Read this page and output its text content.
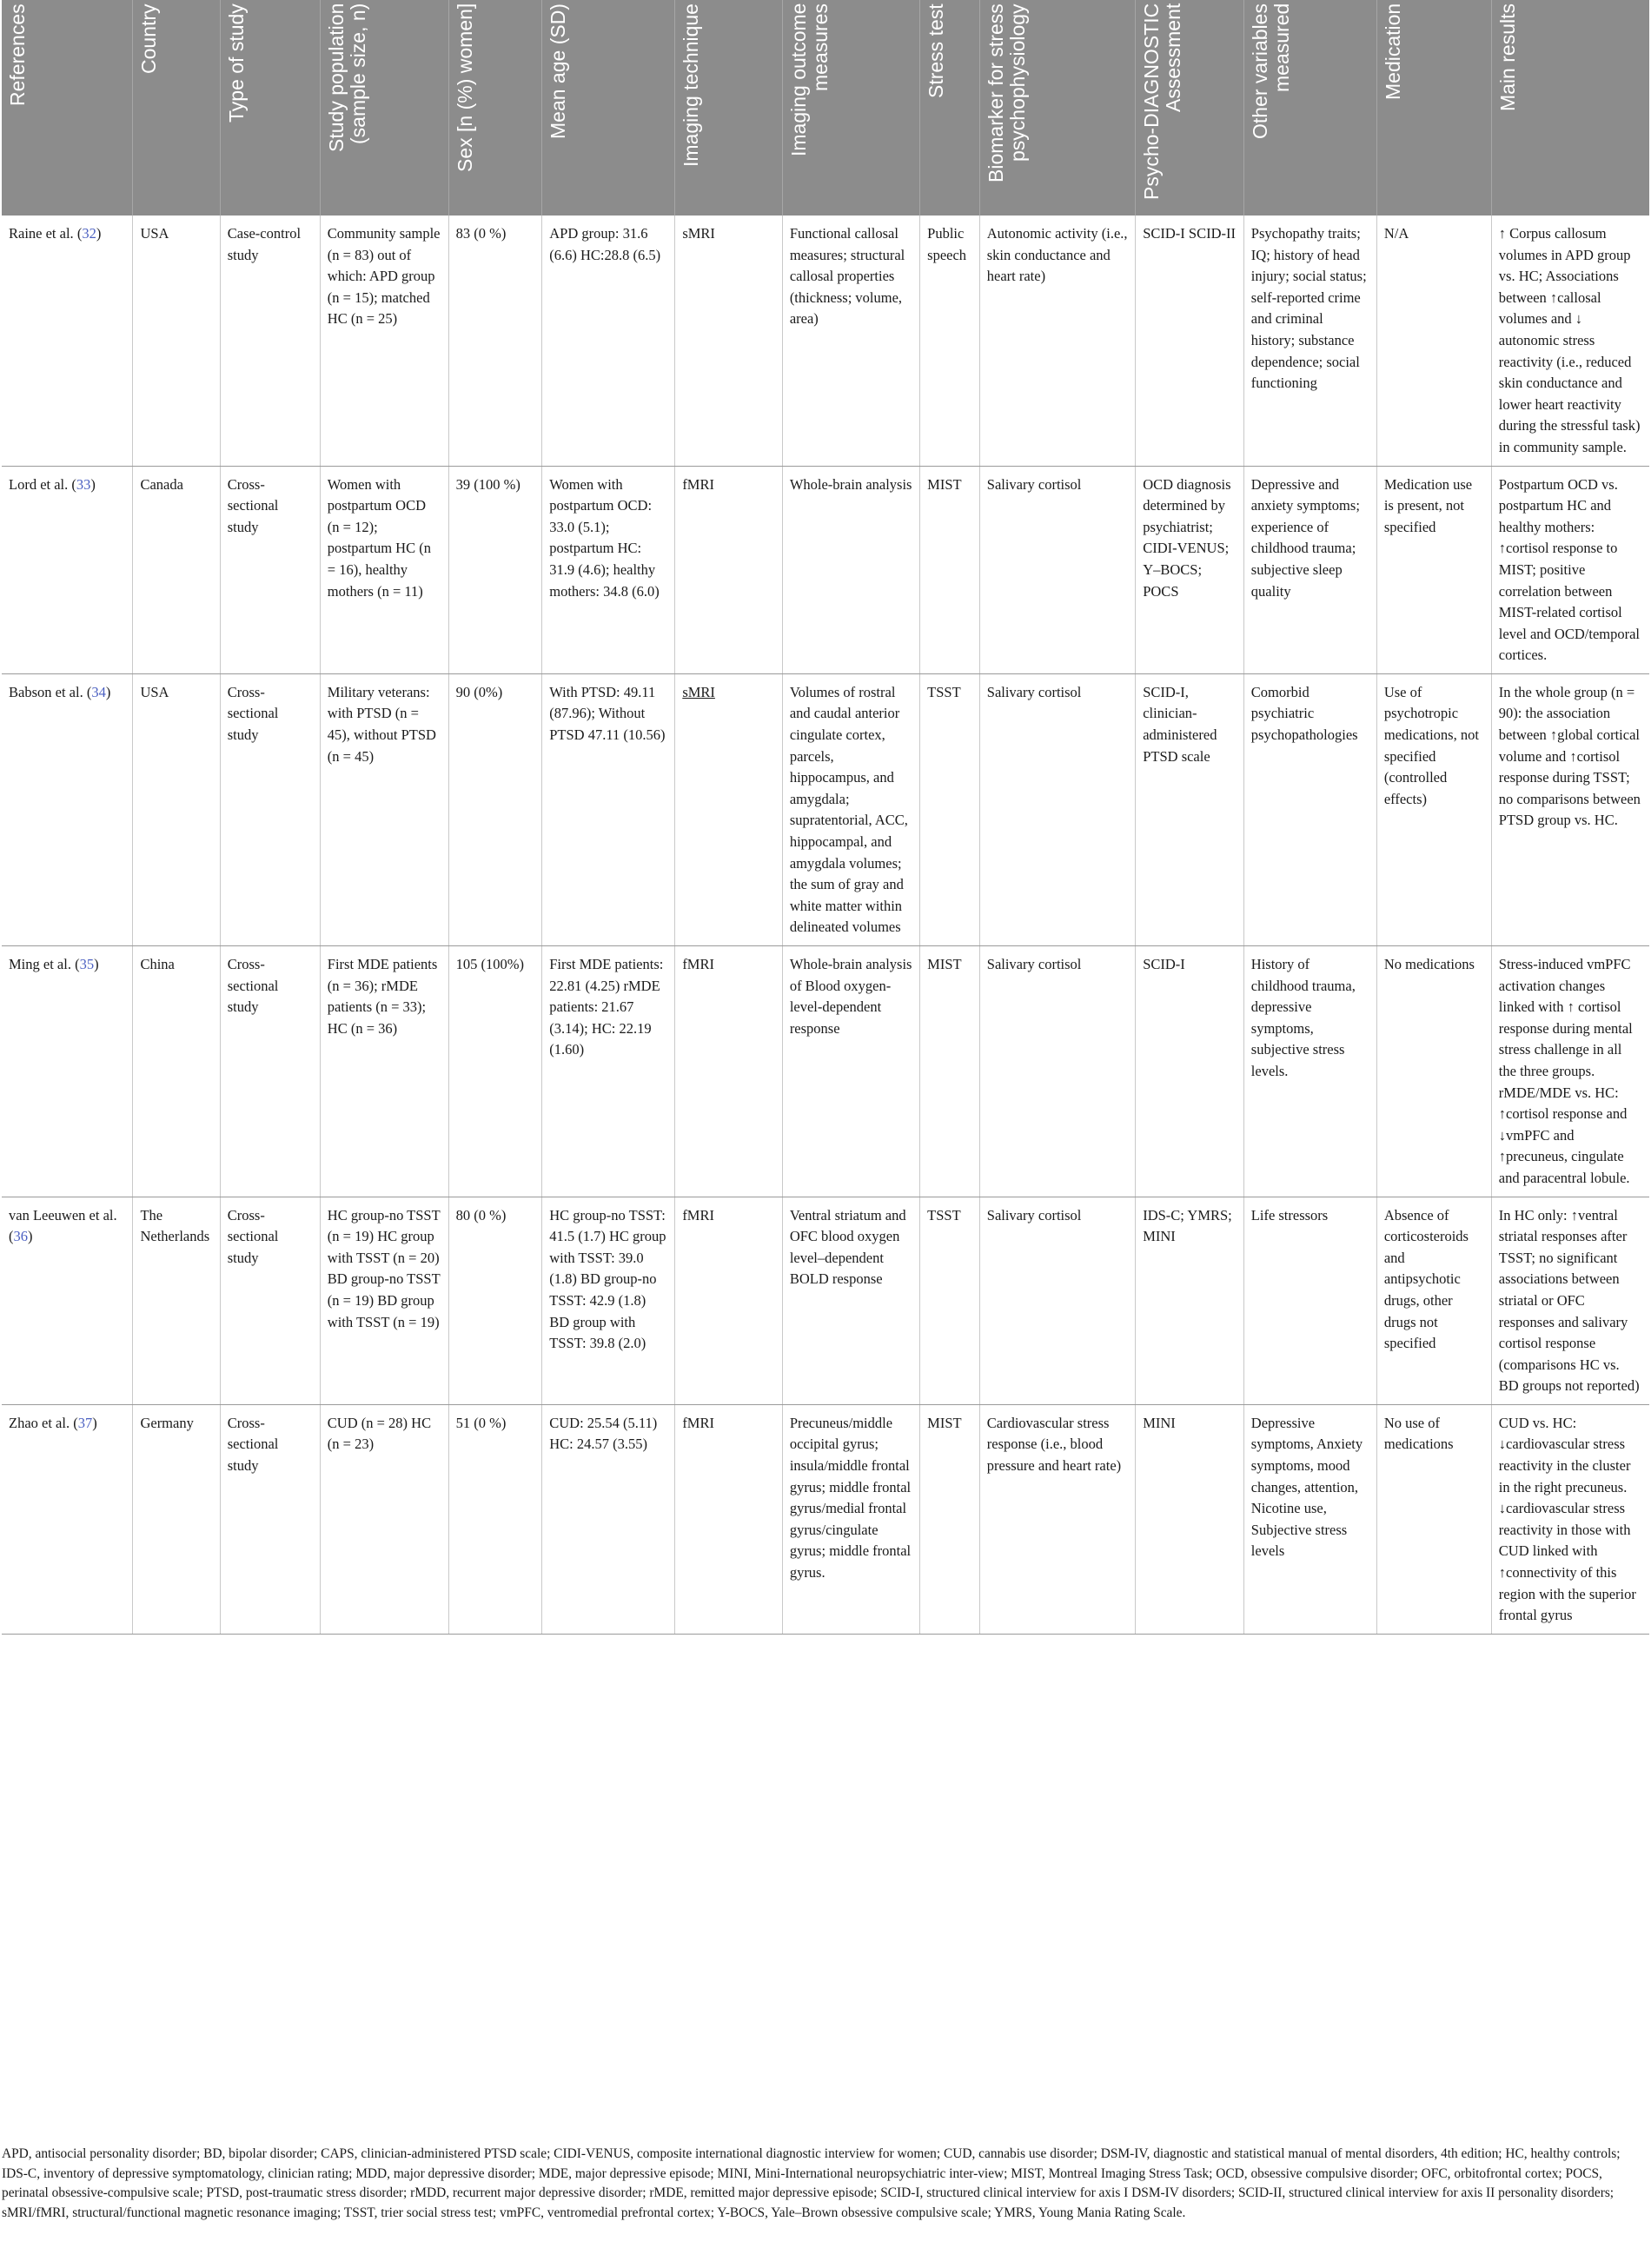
References	Country	Type of study	Study population (sample size, n)	Sex [n (%) women]	Mean age (SD)	Imaging technique	Imaging outcome measures	Stress test	Biomarker for stress psychophysiology	Psycho-DIAGNOSTIC Assessment	Other variables measured	Medication	Main results

Raine et al. (32)	USA	Case-control study	Community sample (n = 83) out of which: APD group (n = 15); matched HC (n = 25)	83 (0 %)	APD group: 31.6 (6.6) HC:28.8 (6.5)	sMRI	Functional callosal measures; structural callosal properties (thickness; volume, area)	Public speech	Autonomic activity (i.e., skin conductance and heart rate)	SCID-I SCID-II	Psychopathy traits; IQ; history of head injury; social status; self-reported crime and criminal history; substance dependence; social functioning	N/A	↑ Corpus callosum volumes in APD group vs. HC; Associations between ↑callosal volumes and ↓ autonomic stress reactivity (i.e., reduced skin conductance and lower heart reactivity during the stressful task) in community sample.
Lord et al. (33)	Canada	Cross-sectional study	Women with postpartum OCD (n = 12); postpartum HC (n = 16), healthy mothers (n = 11)	39 (100 %)	Women with postpartum OCD: 33.0 (5.1); postpartum HC: 31.9 (4.6); healthy mothers: 34.8 (6.0)	fMRI	Whole-brain analysis	MIST	Salivary cortisol	OCD diagnosis determined by psychiatrist; CIDI-VENUS; Y–BOCS; POCS	Depressive and anxiety symptoms; experience of childhood trauma; subjective sleep quality	Medication use is present, not specified	Postpartum OCD vs. postpartum HC and healthy mothers: ↑cortisol response to MIST; positive correlation between MIST-related cortisol level and OCD/temporal cortices.
Babson et al. (34)	USA	Cross-sectional study	Military veterans: with PTSD (n = 45), without PTSD (n = 45)	90 (0%)	With PTSD: 49.11 (87.96); Without PTSD 47.11 (10.56)	sMRI	Volumes of rostral and caudal anterior cingulate cortex, parcels, hippocampus, and amygdala; supratentorial, ACC, hippocampal, and amygdala volumes; the sum of gray and white matter within delineated volumes	TSST	Salivary cortisol	SCID-I, clinician-administered PTSD scale	Comorbid psychiatric psychopathologies	Use of psychotropic medications, not specified (controlled effects)	In the whole group (n = 90): the association between ↑global cortical volume and ↑cortisol response during TSST; no comparisons between PTSD group vs. HC.
Ming et al. (35)	China	Cross-sectional study	First MDE patients (n = 36); rMDE patients (n = 33); HC (n = 36)	105 (100%)	First MDE patients: 22.81 (4.25) rMDE patients: 21.67 (3.14); HC: 22.19 (1.60)	fMRI	Whole-brain analysis of Blood oxygen-level-dependent response	MIST	Salivary cortisol	SCID-I	History of childhood trauma, depressive symptoms, subjective stress levels.	No medications	Stress-induced vmPFC activation changes linked with ↑ cortisol response during mental stress challenge in all the three groups. rMDE/MDE vs. HC: ↑cortisol response and ↓vmPFC and ↑precuneus, cingulate and paracentral lobule.
van Leeuwen et al. (36)	The Netherlands	Cross-sectional study	HC group-no TSST (n = 19) HC group with TSST (n = 20) BD group-no TSST (n = 19) BD group with TSST (n = 19)	80 (0 %)	HC group-no TSST: 41.5 (1.7) HC group with TSST: 39.0 (1.8) BD group-no TSST: 42.9 (1.8) BD group with TSST: 39.8 (2.0)	fMRI	Ventral striatum and OFC blood oxygen level–dependent BOLD response	TSST	Salivary cortisol	IDS-C; YMRS; MINI	Life stressors	Absence of corticosteroids and antipsychotic drugs, other drugs not specified	In HC only: ↑ventral striatal responses after TSST; no significant associations between striatal or OFC responses and salivary cortisol response (comparisons HC vs. BD groups not reported)
Zhao et al. (37)	Germany	Cross-sectional study	CUD (n = 28) HC (n = 23)	51 (0 %)	CUD: 25.54 (5.11) HC: 24.57 (3.55)	fMRI	Precuneus/middle occipital gyrus; insula/middle frontal gyrus; middle frontal gyrus/medial frontal gyrus/cingulate gyrus; middle frontal gyrus.	MIST	Cardiovascular stress response (i.e., blood pressure and heart rate)	MINI	Depressive symptoms, Anxiety symptoms, mood changes, attention, Nicotine use, Subjective stress levels	No use of medications	CUD vs. HC: ↓cardiovascular stress reactivity in the cluster in the right precuneus. ↓cardiovascular stress reactivity in those with CUD linked with ↑connectivity of this region with the superior frontal gyrus
APD, antisocial personality disorder; BD, bipolar disorder; CAPS, clinician-administered PTSD scale; CIDI-VENUS, composite international diagnostic interview for women; CUD, cannabis use disorder; DSM-IV, diagnostic and statistical manual of mental disorders, 4th edition; HC, healthy controls; IDS-C, inventory of depressive symptomatology, clinician rating; MDD, major depressive disorder; MDE, major depressive episode; MINI, Mini-International neuropsychiatric inter-view; MIST, Montreal Imaging Stress Task; OCD, obsessive compulsive disorder; OFC, orbitofrontal cortex; POCS, perinatal obsessive-compulsive scale; PTSD, post-traumatic stress disorder; rMDD, recurrent major depressive disorder; rMDE, remitted major depressive episode; SCID-I, structured clinical interview for axis I DSM-IV disorders; SCID-II, structured clinical interview for axis II personality disorders; sMRI/fMRI, structural/functional magnetic resonance imaging; TSST, trier social stress test; vmPFC, ventromedial prefrontal cortex; Y-BOCS, Yale–Brown obsessive compulsive scale; YMRS, Young Mania Rating Scale.
